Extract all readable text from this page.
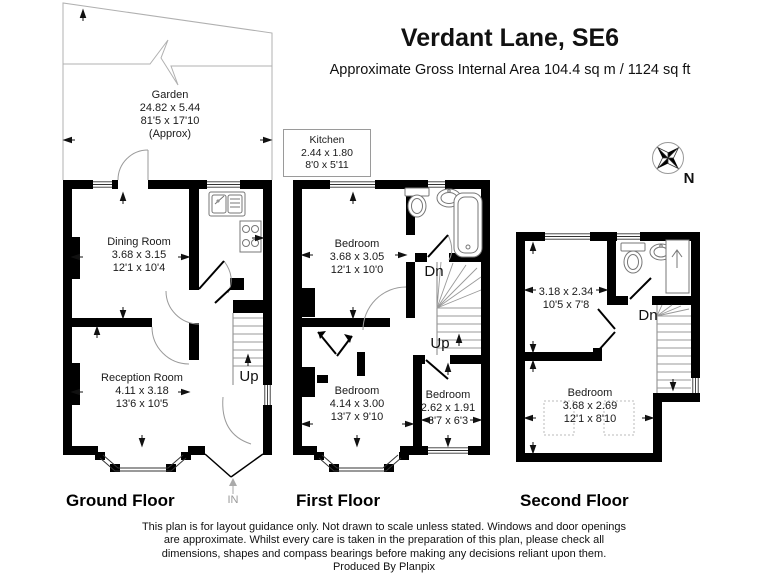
Verdant Lane, SE6
Approximate Gross Internal Area 104.4 sq m / 1124 sq ft
Garden
24.82 x 5.44
81'5 x 17'10
(Approx)	Kitchen
2.44 x 1.80
8'0 x 5'11
Dining Room
3.68 x 3.15
12'1 x 10'4
Reception Room
4.11 x 3.18
13'6 x 10'5
Bedroom
3.68 x 3.05
12'1 x 10'0
Bedroom
4.14 x 3.00
13'7 x 9'10
Bedroom
2.62 x 1.91
8'7 x 6'3
3.18 x 2.34
10'5 x 7'8
Bedroom
3.68 x 2.69
12'1 x 8'10
Up
Dn
Up
Dn
IN
N
Ground Floor	First Floor	Second Floor
This plan is for layout guidance only. Not drawn to scale unless stated. Windows and door openings
are approximate. Whilst every care is taken in the preparation of this plan, please check all
dimensions, shapes and compass bearings before making any decisions reliant upon them.
Produced By Planpix
